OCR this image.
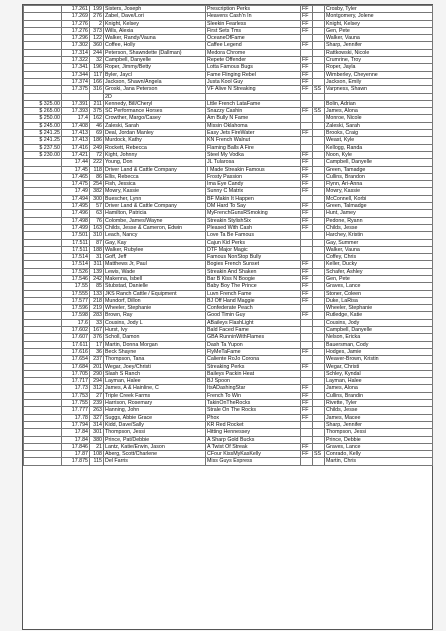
	17.261	199	Sisters, Joseph	Prescription Perks	FF		Crosby, Tyler
	17.269	276	Zabel, Dave/Lori	Heavens Cash'n In	FF		Montgomery, Jolene
	17.276	2	Knight, Kelsey	Sleekin Fearless	FF		Knight, Kelsey
	17.276	373	Wills, Alexia	First Sets Tms	FF		Gen, Pete
	17.296	122	Walker, Randy/Vauna	OceaneOfFame			Walker, Vauna
	17.302	360	Coffee, Holly	Caffee Legend	FF		Sharp, Jennifer
	17.314	244	Peterson, Shawndette (Dallman)	Medora Chrome			Rattkowski, Nicole
	17.322	32	Campbell, Danyelle	Repete Offender	FF		Crumrine, Troy
	17.341	196	Roper, Jimmy/Betty	Lotta Famous Bugs	FF		Roper, Jayla
	17.344	117	Byler, Jaycl	Fame Flinging Rebel	FF		Wimberley, Cheyenne
	17.374	166	Jackson, Shawn/Angela	Justa Kool Guy	FF		Jackson, Emily
	17.375	316	Groski, Jana Peterson	VF Alive N Streaking	FF	SS	Varpness, Shawn
			2D				
$ 325.00	17.391	211	Kennedy, Bill/Cheryl	Lttle French LataFame			Bolin, Adrian
$ 265.00	17.393	375	SC Performance Horses	Snazzy Cashin	FF	SS	James, Alona
$ 250.00	17.4	162	Crowther, Margo/Casey	Am Bully N Fame			Monroe, Nicole
$ 245.00	17.408	46	Zaleski, Sarah	Missin Oklahoma			Zaleski, Sarah
$ 241.25	17.413	69	Deal, Jordan Manley	Easy Jets FireWater	FF		Brooks, Craig
$ 241.25	17.413	186	Murdock, Kathy	KN French Walnut			Weast, Kyle
$ 237.50	17.416	249	Rockett, Rebecca	Flaming Balls A Fire			Kellogg, Randa
$ 230.00	17.421	72	Kight, Johnny	Steel My Vodka	FF		Noon, Kyle
	17.44	222	Young, Don	JL Tularosa	FF		Campbell, Danyelle
	17.45	118	Driver Land & Cattle Company	I Made Streakin Famous	FF		Green, Tamadge
	17.465	86	Ellis, Rebecca	Frosty Passion	FF		Cullins, Brandon
	17.475	254	Fish, Jessica	Ima Eye Candy	FF		Flynn, Ari-Anna
	17.49	382	Mowry, Kassie	Sunny C Matrix	FF		Mowry, Kassie
	17.494	300	Buescher, Lynn	BF Makin It Happen			McConnell, Korbi
	17.495	57	Driver Land & Cattle Company	DM Hard To Say	FF		Green, Talmadge
	17.496	63	Hamilton, Patricia	MyFrenchGunsRSmoking	FF		Hunt, Jamey
	17.498	76	Colombe, James/Wayne	Streakin StylishSix	FF		Pedone, Ryann
	17.499	163	Childs, Jesse & Cameron, Edwin	Pleased With Cash	FF		Childs, Jesse
	17.501	310	Leach, Nancy	Love Ta Be Famous			Harchey, Kristin
	17.511	87	Gay, Kay	Cajun Kid Perks			Gay, Summer
	17.511	188	Walker, Rubylee	DTF Major Magic			Walker, Vauna
	17.514	31	Goff, Jeff	Famous NonStop Bully			Coffey, Chris
	17.514	311	Matthews Jr, Paul	Bogies French Sunset	FF		Keller, Ducky
	17.526	139	Lewis, Wade	Streakin And Shaken	FF		Schafer, Ashley
	17.546	242	Makenna, Isbell	Bar B Kiss N Boogie	FF		Gen, Pete
	17.55	85	Stubstad, Danielle	Baby Boy The Prince	FF		Graves, Lance
	17.555	133	JKS Ranch Cattle / Equipment	Luvn French Fame	FF		Stoner, Coleen
	17.577	218	Mundorf, Dillon	BJ Off Hand Maggie	FF		Duke, LaRisa
	17.596	219	Wheeler, Stephanie	Confederate Peach			Wheeler, Stephanie
	17.598	283	Brown, Ray	Good Timin Guy	FF		Rutledge, Katie
	17.6	33	Cousins, Jody L	ABaileys FlashLight			Cousins, Jody
	17.602	167	Hurst, Ivy	Bald Faced Fame			Campbell, Danyelle
	17.607	376	Scholl, Damon	GBA RunninWithFlames			Nelson, Ericka
	17.611	17	Martin, Donna Morgan	Dash Ta Yupon			Bauersman, Cody
	17.616	36	Beck Shayne	FlyMeTaFame	FF		Hodges, Jamie
	17.654	237	Thompson, Tana	Caliente RoJo Corona			Weaver-Brown, Kristin
	17.684	201	Wegar, Joey/Christi	Streaking Perks	FF		Wegar, Christi
	17.705	290	Slash S Ranch	Baileys Packin Heat			Schley, Kyndal
	17.717	294	Layman, Halee	BJ Spoon			Layman, Halee
	17.73	312	James, A & Hainline, C	ItsADashingStar	FF		James, Alona
	17.753	27	Triple Creek Farms	French To Win	FF		Cullins, Brandin
	17.755	239	Harrison, Rosemary	TakinOnTheRocks	FF		Rivette, Tyler
	17.777	263	Hanning, John	Strale On The Rocks	FF		Childs, Jesse
	17.78	327	Suggs, Abbie Grace	Phox	FF		James, Macee
	17.794	314	Kidd, Dave/Sally	KR Red Rocket			Sharp, Jennifer
	17.84	301	Thompson, Jessi	Hitting Hennessey			Thompson, Jessi
	17.84	380	Prince, Pat/Debbie	A Sharp Gold Bucks			Prince, Debbie
	17.846	21	Lantz, Katie/Erwin, Jason	A Twist Of Streak	FF		Graves, Lance
	17.87	108	Aberg, Scott/Charlene	CFour KissMyKasKelly	FF	SS	Conrado, Kelly
	17.875	115	Del Farris	Miss Guys Express			Martin, Chris
